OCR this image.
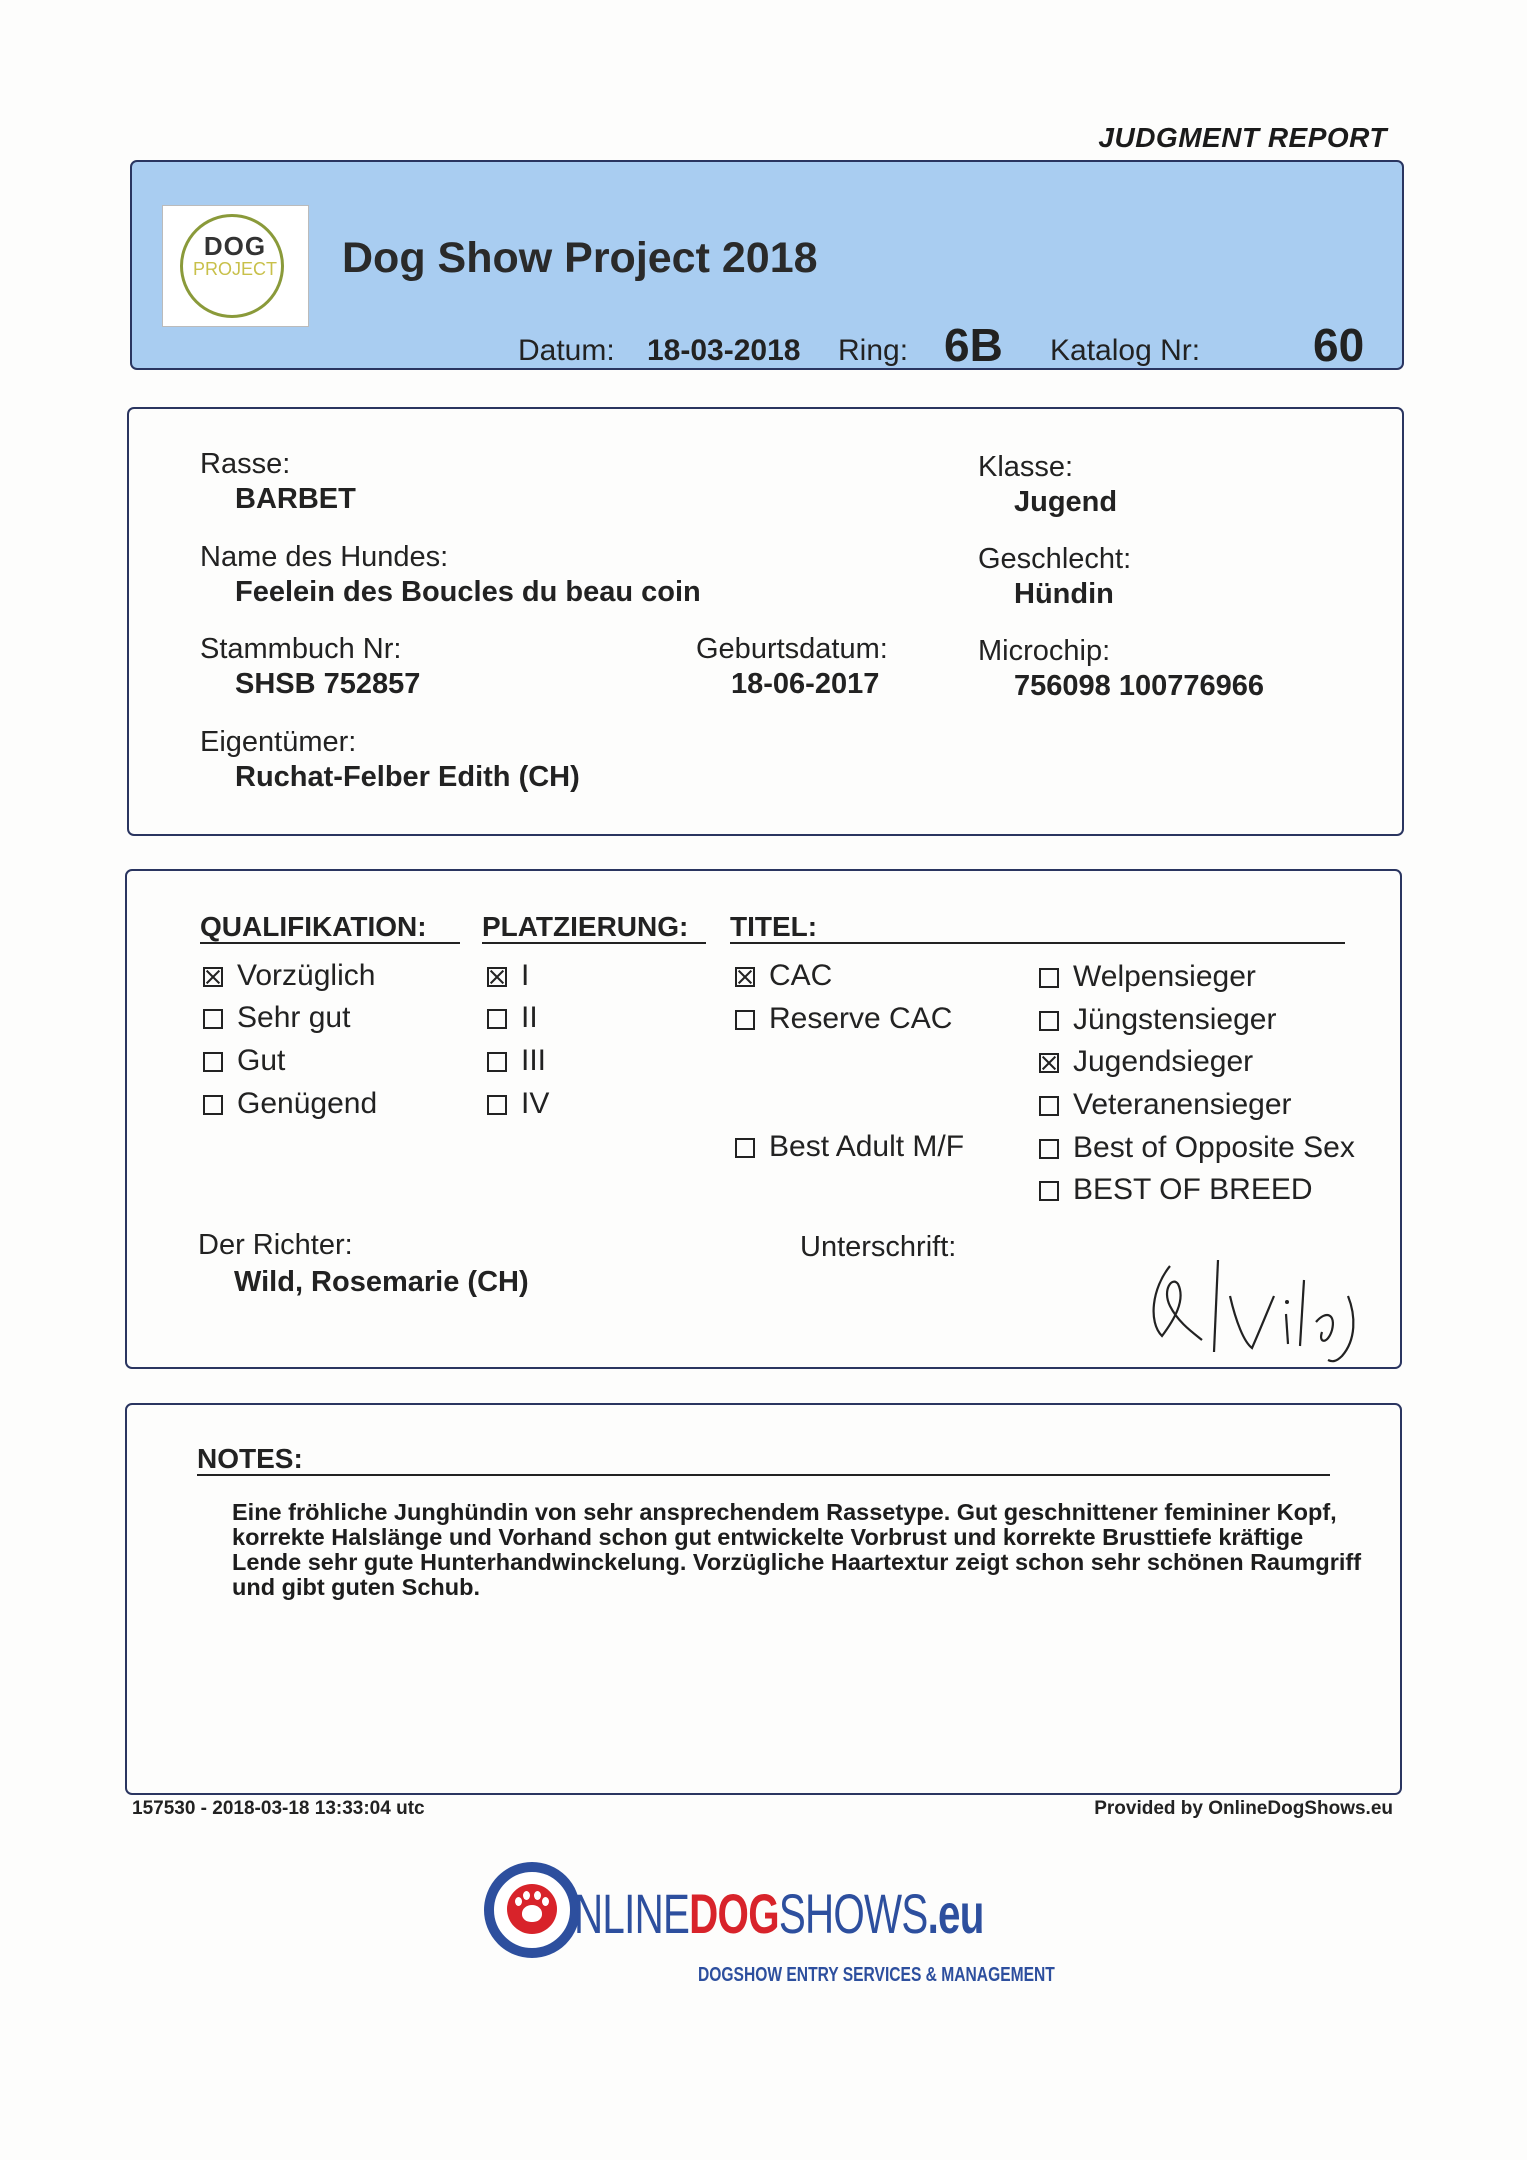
JUDGMENT REPORT
DOG
PROJECT Dog Show Project 2018
Datum: 18-03-2018 Ring: 6B Katalog Nr: 60
Rasse:
BARBET
Klasse:
Jugend
Name des Hundes:
Feelein des Boucles du beau coin
Geschlecht:
Hündin
Stammbuch Nr:
SHSB 752857
Geburtsdatum:
18-06-2017
Microchip:
756098 100776966
Eigentümer:
Ruchat-Felber Edith (CH)
QUALIFIKATION: PLATZIERUNG: TITEL:
Vorzüglich
Sehr gut
Gut
Genügend
I
II
III
IV
CAC
Reserve CAC
Best Adult M/F
Welpensieger
Jüngstensieger
Jugendsieger
Veteranensieger
Best of Opposite Sex
BEST OF BREED
Der Richter:
Wild, Rosemarie (CH)
Unterschrift:
NOTES:
Eine fröhliche Junghündin von sehr ansprechendem Rassetype. Gut geschnittener femininer Kopf, korrekte Halslänge und Vorhand schon gut entwickelte Vorbrust und korrekte Brusttiefe kräftige Lende sehr gute Hunterhandwinckelung. Vorzügliche Haartextur zeigt schon sehr schönen Raumgriff und gibt guten Schub.
157530 - 2018-03-18 13:33:04 utc	Provided by OnlineDogShows.eu
NLINEDOGSHOWS.eu
DOGSHOW ENTRY SERVICES & MANAGEMENT
